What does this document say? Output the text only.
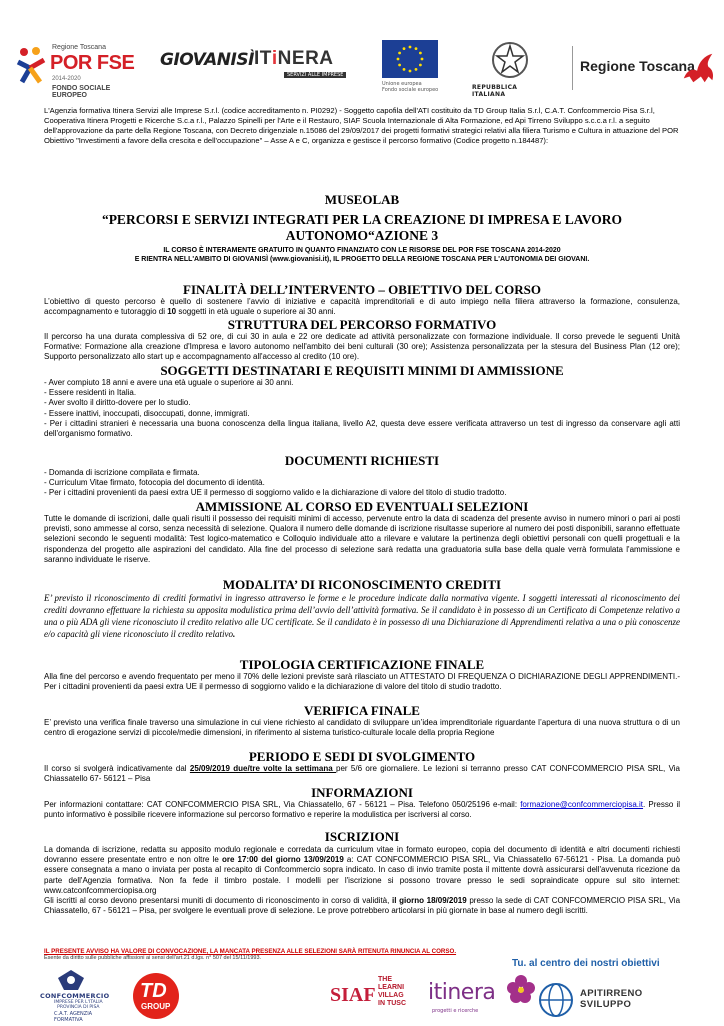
Regione Toscana
POR FSE
2014-2020
FONDO SOCIALE EUROPEO
GIOVANISÌ ITiNERA
SERVIZI ALLE IMPRESE
Unione europea
Fondo sociale europeo	REPUBBLICA ITALIANA
Regione Toscana
L'Agenzia formativa Itinera Servizi alle Imprese S.r.l. (codice accreditamento n. PI0292) - Soggetto capofila dell'ATI costituito da TD Group Italia S.r.l, C.A.T. Confcommercio Pisa S.r.l, Cooperativa Itinera Progetti e Ricerche S.c.a r.l., Palazzo Spinelli per l'Arte e il Restauro, SIAF Scuola Internazionale di Alta Formazione, ed Api Tirreno Sviluppo s.c.c.a r.l. a seguito dell'approvazione da parte della Regione Toscana, con Decreto dirigenziale n.15086 del 29/09/2017 dei progetti formativi strategici relativi alla filiera Turismo e Cultura in attuazione del POR Obiettivo "Investimenti a favore della crescita e dell'occupazione" – Asse A e C, organizza e gestisce il percorso formativo (Codice progetto n.184487):
MUSEOLAB
“PERCORSI E SERVIZI INTEGRATI PER LA CREAZIONE DI IMPRESA E LAVORO
AUTONOMO“AZIONE 3
IL CORSO È INTERAMENTE GRATUITO IN QUANTO FINANZIATO CON LE RISORSE DEL POR FSE TOSCANA 2014-2020
E RIENTRA NELL'AMBITO DI GIOVANISÌ (www.giovanisi.it), IL PROGETTO DELLA REGIONE TOSCANA PER L'AUTONOMIA DEI GIOVANI.
FINALITÀ DELL’INTERVENTO – OBIETTIVO DEL CORSO
L’obiettivo di questo percorso è quello di sostenere l’avvio di iniziative e capacità imprenditoriali e di auto impiego nella filiera attraverso la formazione, consulenza, accompagnamento e tutoraggio di 10 soggetti in età uguale o superiore ai 30 anni.
STRUTTURA DEL PERCORSO FORMATIVO
Il percorso ha una durata complessiva di 52 ore, di cui 30 in aula e 22 ore dedicate ad attività personalizzate con formazione individuale. Il corso prevede le seguenti Unità Formative: Formazione alla creazione d'Impresa e lavoro autonomo nell'ambito dei beni culturali (30 ore); Assistenza personalizzata per la stesura del Business Plan (12 ore); Supporto personalizzato allo start up e accompagnamento all'accesso al credito (10 ore).
SOGGETTI DESTINATARI E REQUISITI MINIMI DI AMMISSIONE

- Aver compiuto 18 anni e avere una età uguale o superiore ai 30 anni.

- Essere residenti in Italia.

- Aver svolto il diritto-dovere per lo studio.

- Essere inattivi, inoccupati, disoccupati, donne, immigrati.

- Per i cittadini stranieri è necessaria una buona conoscenza della lingua italiana, livello A2, questa deve essere verificata attraverso un test di ingresso da conservare agli atti dell'organismo formativo.

DOCUMENTI RICHIESTI

- Domanda di iscrizione compilata e firmata.

- Curriculum Vitae firmato, fotocopia del documento di identità.

- Per i cittadini provenienti da paesi extra UE il permesso di soggiorno valido e la dichiarazione di valore del titolo di studio tradotto.

AMMISSIONE AL CORSO ED EVENTUALI SELEZIONI
Tutte le domande di iscrizioni, dalle quali risulti il possesso dei requisiti minimi di accesso, pervenute entro la data di scadenza del presente avviso in numero minori o pari ai posti previsti, sono ammesse al corso, senza necessità di selezione. Qualora il numero delle domande di iscrizione risultasse superiore al numero dei posti disponibili, saranno effettuate selezioni secondo le seguenti modalità: Test logico-matematico e Colloquio individuale atto a rilevare e valutare la pertinenza degli obiettivi personali con quelli progettuali e la rispondenza del progetto alle aspirazioni del candidato. Alla fine del processo di selezione sarà redatta una graduatoria sulla base della quale verrà formulata l'ammissione e saranno individuate le riserve.
MODALITA’ DI RICONOSCIMENTO CREDITI
E’ previsto il riconoscimento di crediti formativi in ingresso attraverso le forme e le procedure indicate dalla normativa vigente. I soggetti interessati al riconoscimento dei crediti dovranno effettuare la richiesta su apposita modulistica prima dell’avvio dell’attività formativa. Se il candidato è in possesso di un Certificato di Competenze relativo a una o più ADA gli viene riconosciuto il credito relativo alle UC certificate. Se il candidato è in possesso di una Dichiarazione di Apprendimenti relativa a una o più conoscenze e/o capacità gli viene riconosciuto il credito relativo.
TIPOLOGIA CERTIFICAZIONE FINALE
Alla fine del percorso e avendo frequentato per meno il 70% delle lezioni previste sarà rilasciato un ATTESTATO DI FREQUENZA O DICHIARAZIONE DEGLI APPRENDIMENTI.- Per i cittadini provenienti da paesi extra UE il permesso di soggiorno valido e la dichiarazione di valore del titolo di studio tradotto.
VERIFICA FINALE
E’ previsto una verifica finale traverso una simulazione in cui viene richiesto al candidato di sviluppare un’idea imprenditoriale riguardante l’apertura di una nuova struttura o di un centro di erogazione servizi di piccole/medie dimensioni, in riferimento al sistema turistico-culturale locale della propria Regione
PERIODO E SEDI DI SVOLGIMENTO
Il corso si svolgerà indicativamente dal 25/09/2019 due/tre volte la settimana per 5/6 ore giornaliere. Le lezioni si terranno presso CAT CONFCOMMERCIO PISA SRL, Via Chiassatello 67- 56121 – Pisa
INFORMAZIONI
Per informazioni contattare: CAT CONFCOMMERCIO PISA SRL, Via Chiassatello, 67 - 56121 – Pisa. Telefono 050/25196 e-mail: formazione@confcommerciopisa.it. Presso il punto informativo è possibile ricevere informazione sul percorso formativo e reperire la modulistica per iscriversi al corso.
ISCRIZIONI
La domanda di iscrizione, redatta su apposito modulo regionale e corredata da curriculum vitae in formato europeo, copia del documento di identità e altri documenti richiesti dovranno essere presentate entro e non oltre le ore 17:00 del giorno 13/09/2019 a: CAT CONFCOMMERCIO PISA SRL, Via Chiassatello 67-56121 - Pisa. La domanda può essere consegnata a mano o inviata per posta al recapito di Confcommercio sopra indicato. In caso di invio tramite posta il mittente dovrà assicurarsi dell'avvenuta ricezione da parte dell'Agenzia formativa. Non fa fede il timbro postale. I modelli per l'iscrizione si possono trovare presso le sedi sopraindicate oppure sul sito internet: www.catconfcommerciopisa.org
Gli iscritti al corso devono presentarsi muniti di documento di riconoscimento in corso di validità, il giorno 18/09/2019 presso la sede di CAT CONFCOMMERCIO PISA SRL, Via Chiassatello, 67 - 56121 – Pisa, per svolgere le eventuali prove di selezione. Le prove potrebbero articolarsi in più giornate in base al numero degli iscritti.
IL PRESENTE AVVISO HA VALORE DI CONVOCAZIONE, LA MANCATA PRESENZA ALLE SELEZIONI SARÀ RITENUTA RINUNCIA AL CORSO.
Esente da diritto sulle pubbliche affissioni ai sensi dell'art.21 d.lgs. n° 507 del 15/11/1993.
CONFCOMMERCIO
IMPRESE PER L'ITALIA
PROVINCIA DI PISA
C.A.T. AGENZIA FORMATIVA
TD
GROUP
SIAF
THE
LEARNI
VILLAG
IN TUSC	itinera
progetti e ricerche
Tu. al centro dei nostri obiettivi
APITIRRENO
SVILUPPO
